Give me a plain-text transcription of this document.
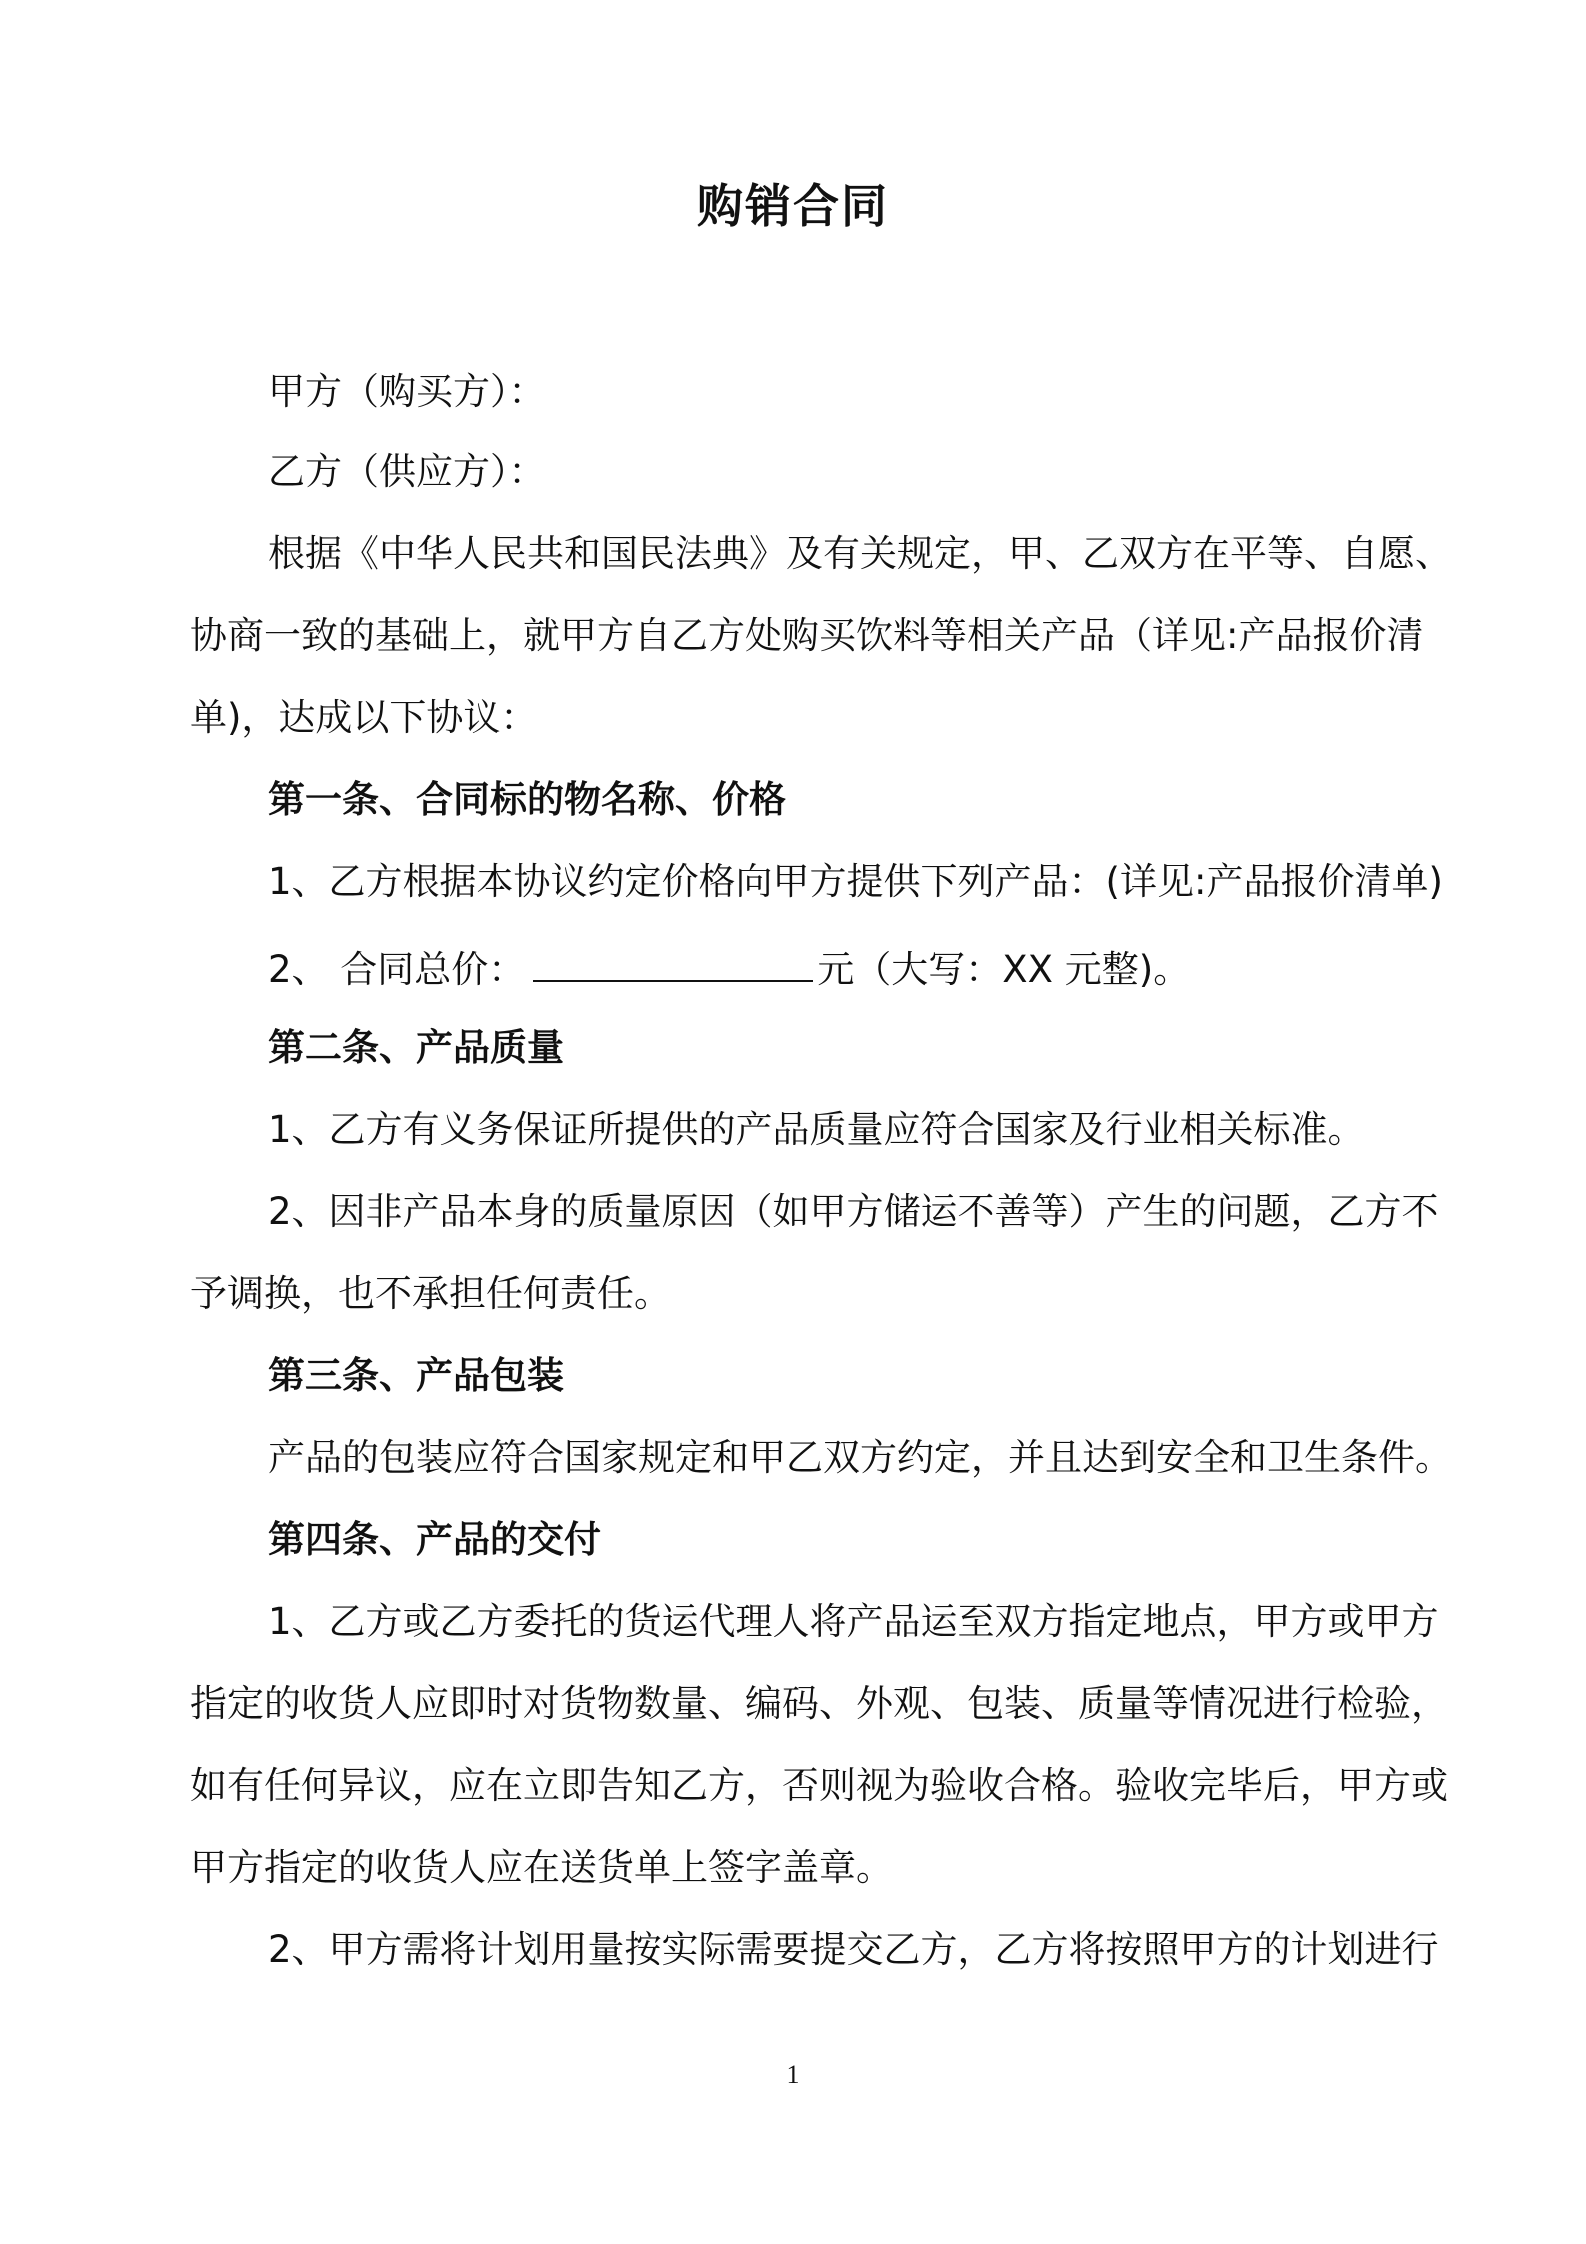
购销合同
甲方（购买方）：
乙方（供应方）：
根据《中华人民共和国民法典》及有关规定，甲、乙双方在平等、自愿、
协商一致的基础上，就甲方自乙方处购买饮料等相关产品（详见:产品报价清
单)，达成以下协议：
第一条、合同标的物名称、价格
1、乙方根据本协议约定价格向甲方提供下列产品：(详见:产品报价清单)
2、 合同总价：	元（大写：XX 元整)。
第二条、产品质量
1、乙方有义务保证所提供的产品质量应符合国家及行业相关标准。
2、因非产品本身的质量原因（如甲方储运不善等）产生的问题，乙方不
予调换，也不承担任何责任。
第三条、产品包装
产品的包装应符合国家规定和甲乙双方约定，并且达到安全和卫生条件。
第四条、产品的交付
1、乙方或乙方委托的货运代理人将产品运至双方指定地点，甲方或甲方
指定的收货人应即时对货物数量、编码、外观、包装、质量等情况进行检验，
如有任何异议，应在立即告知乙方，否则视为验收合格。验收完毕后，甲方或
甲方指定的收货人应在送货单上签字盖章。
2、甲方需将计划用量按实际需要提交乙方，乙方将按照甲方的计划进行
1
